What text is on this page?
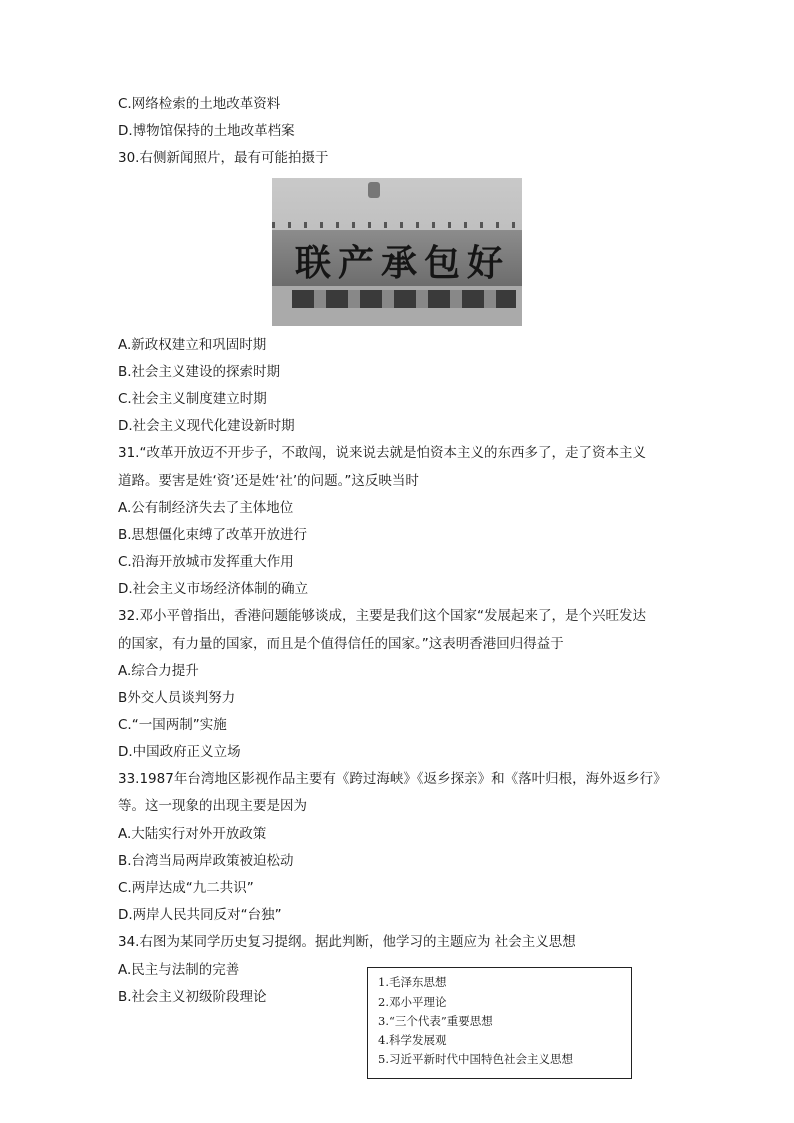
C.网络检索的土地改革资料
D.博物馆保持的土地改革档案
30.右侧新闻照片，最有可能拍摄于
联 产 承 包 好
A.新政权建立和巩固时期
B.社会主义建设的探索时期
C.社会主义制度建立时期
D.社会主义现代化建设新时期
31.“改革开放迈不开步子，不敢闯，说来说去就是怕资本主义的东西多了，走了资本主义
道路。要害是姓‘资’还是姓‘社’的问题。”这反映当时
A.公有制经济失去了主体地位
B.思想僵化束缚了改革开放进行
C.沿海开放城市发挥重大作用
D.社会主义市场经济体制的确立
32.邓小平曾指出，香港问题能够谈成，主要是我们这个国家“发展起来了，是个兴旺发达
的国家，有力量的国家，而且是个值得信任的国家。”这表明香港回归得益于
A.综合力提升
B外交人员谈判努力
C.“一国两制”实施
D.中国政府正义立场
33.1987年台湾地区影视作品主要有《跨过海峡》《返乡探亲》和《落叶归根，海外返乡行》
等。这一现象的出现主要是因为
A.大陆实行对外开放政策
B.台湾当局两岸政策被迫松动
C.两岸达成“九二共识”
D.两岸人民共同反对“台独”
34.右图为某同学历史复习提纲。据此判断，他学习的主题应为 社会主义思想
A.民主与法制的完善
B.社会主义初级阶段理论
1.毛泽东思想
2.邓小平理论
3.“三个代表”重要思想
4.科学发展观
5.习近平新时代中国特色社会主义思想
